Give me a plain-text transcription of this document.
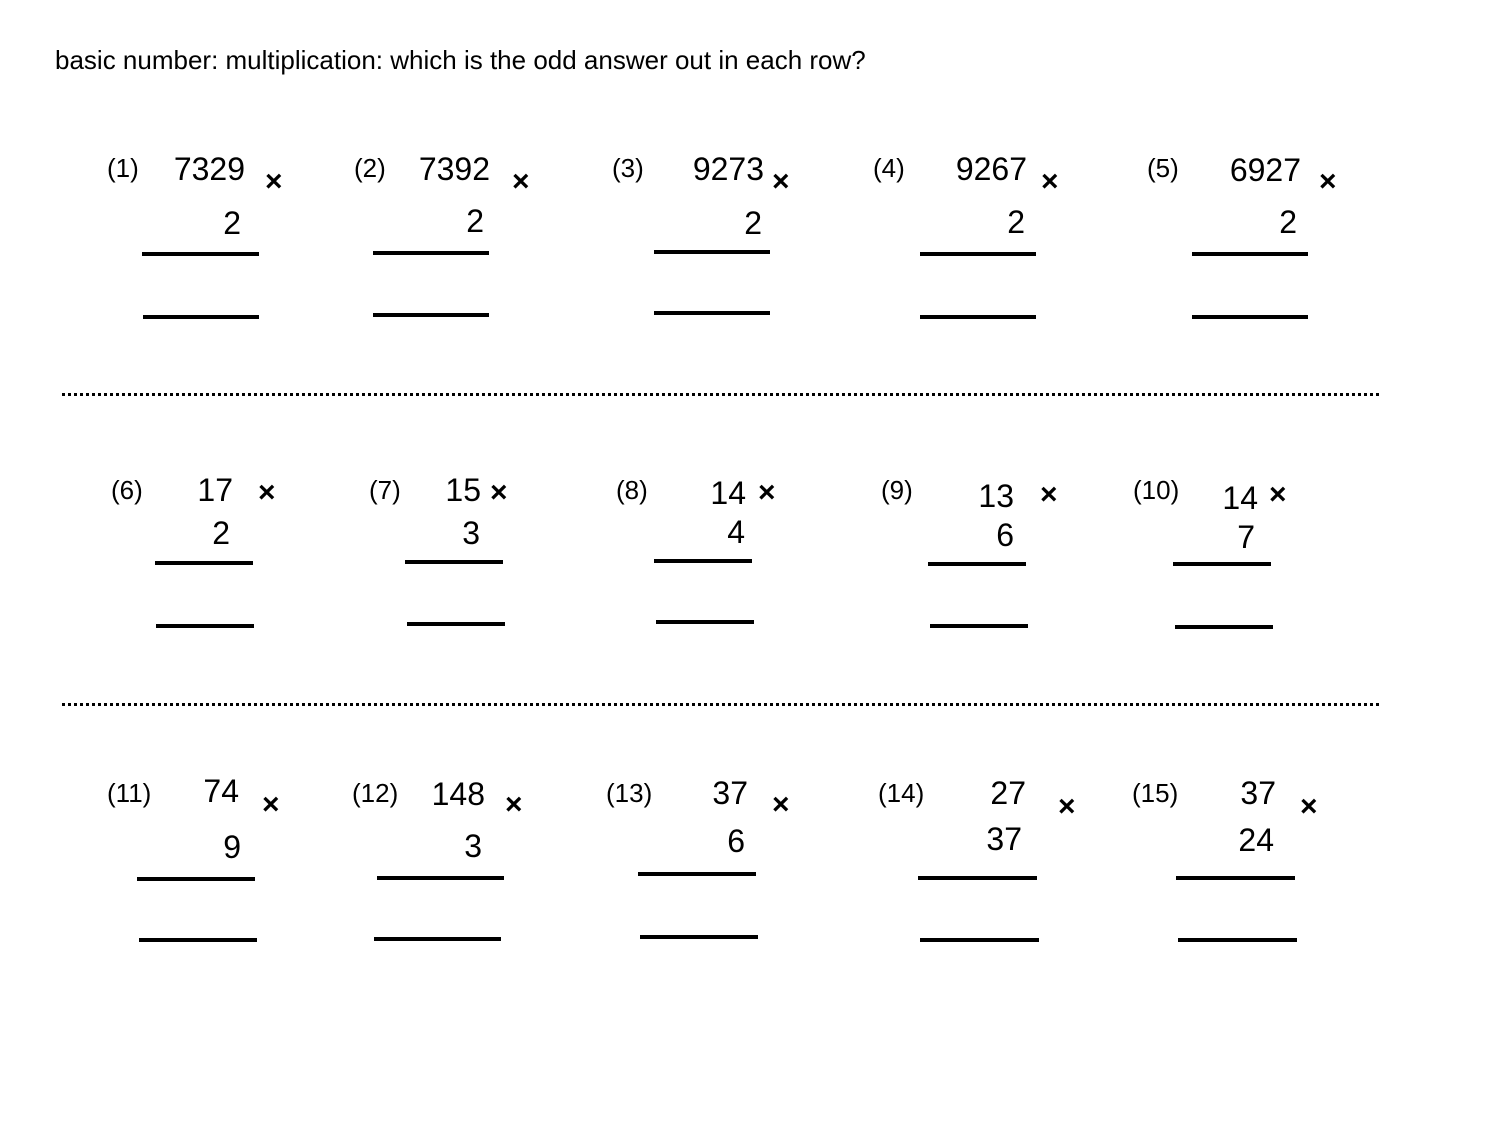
basic number: multiplication: which is the odd answer out in each row?
(1)	7329 ×
2
(2)	7392 ×
2
(3)	9273 ×
2
(4)	9267 ×
2
(5)	6927 ×
2
(6)	17 ×
2
(7)	15 ×
3
(8)	14 ×
4
(9)	13 ×
6
(10)	14 ×
7
(11)	74 ×
9
(12)	148 ×
3
(13)	37 ×
6
(14)	27 ×
37
(15)	37 ×
24
